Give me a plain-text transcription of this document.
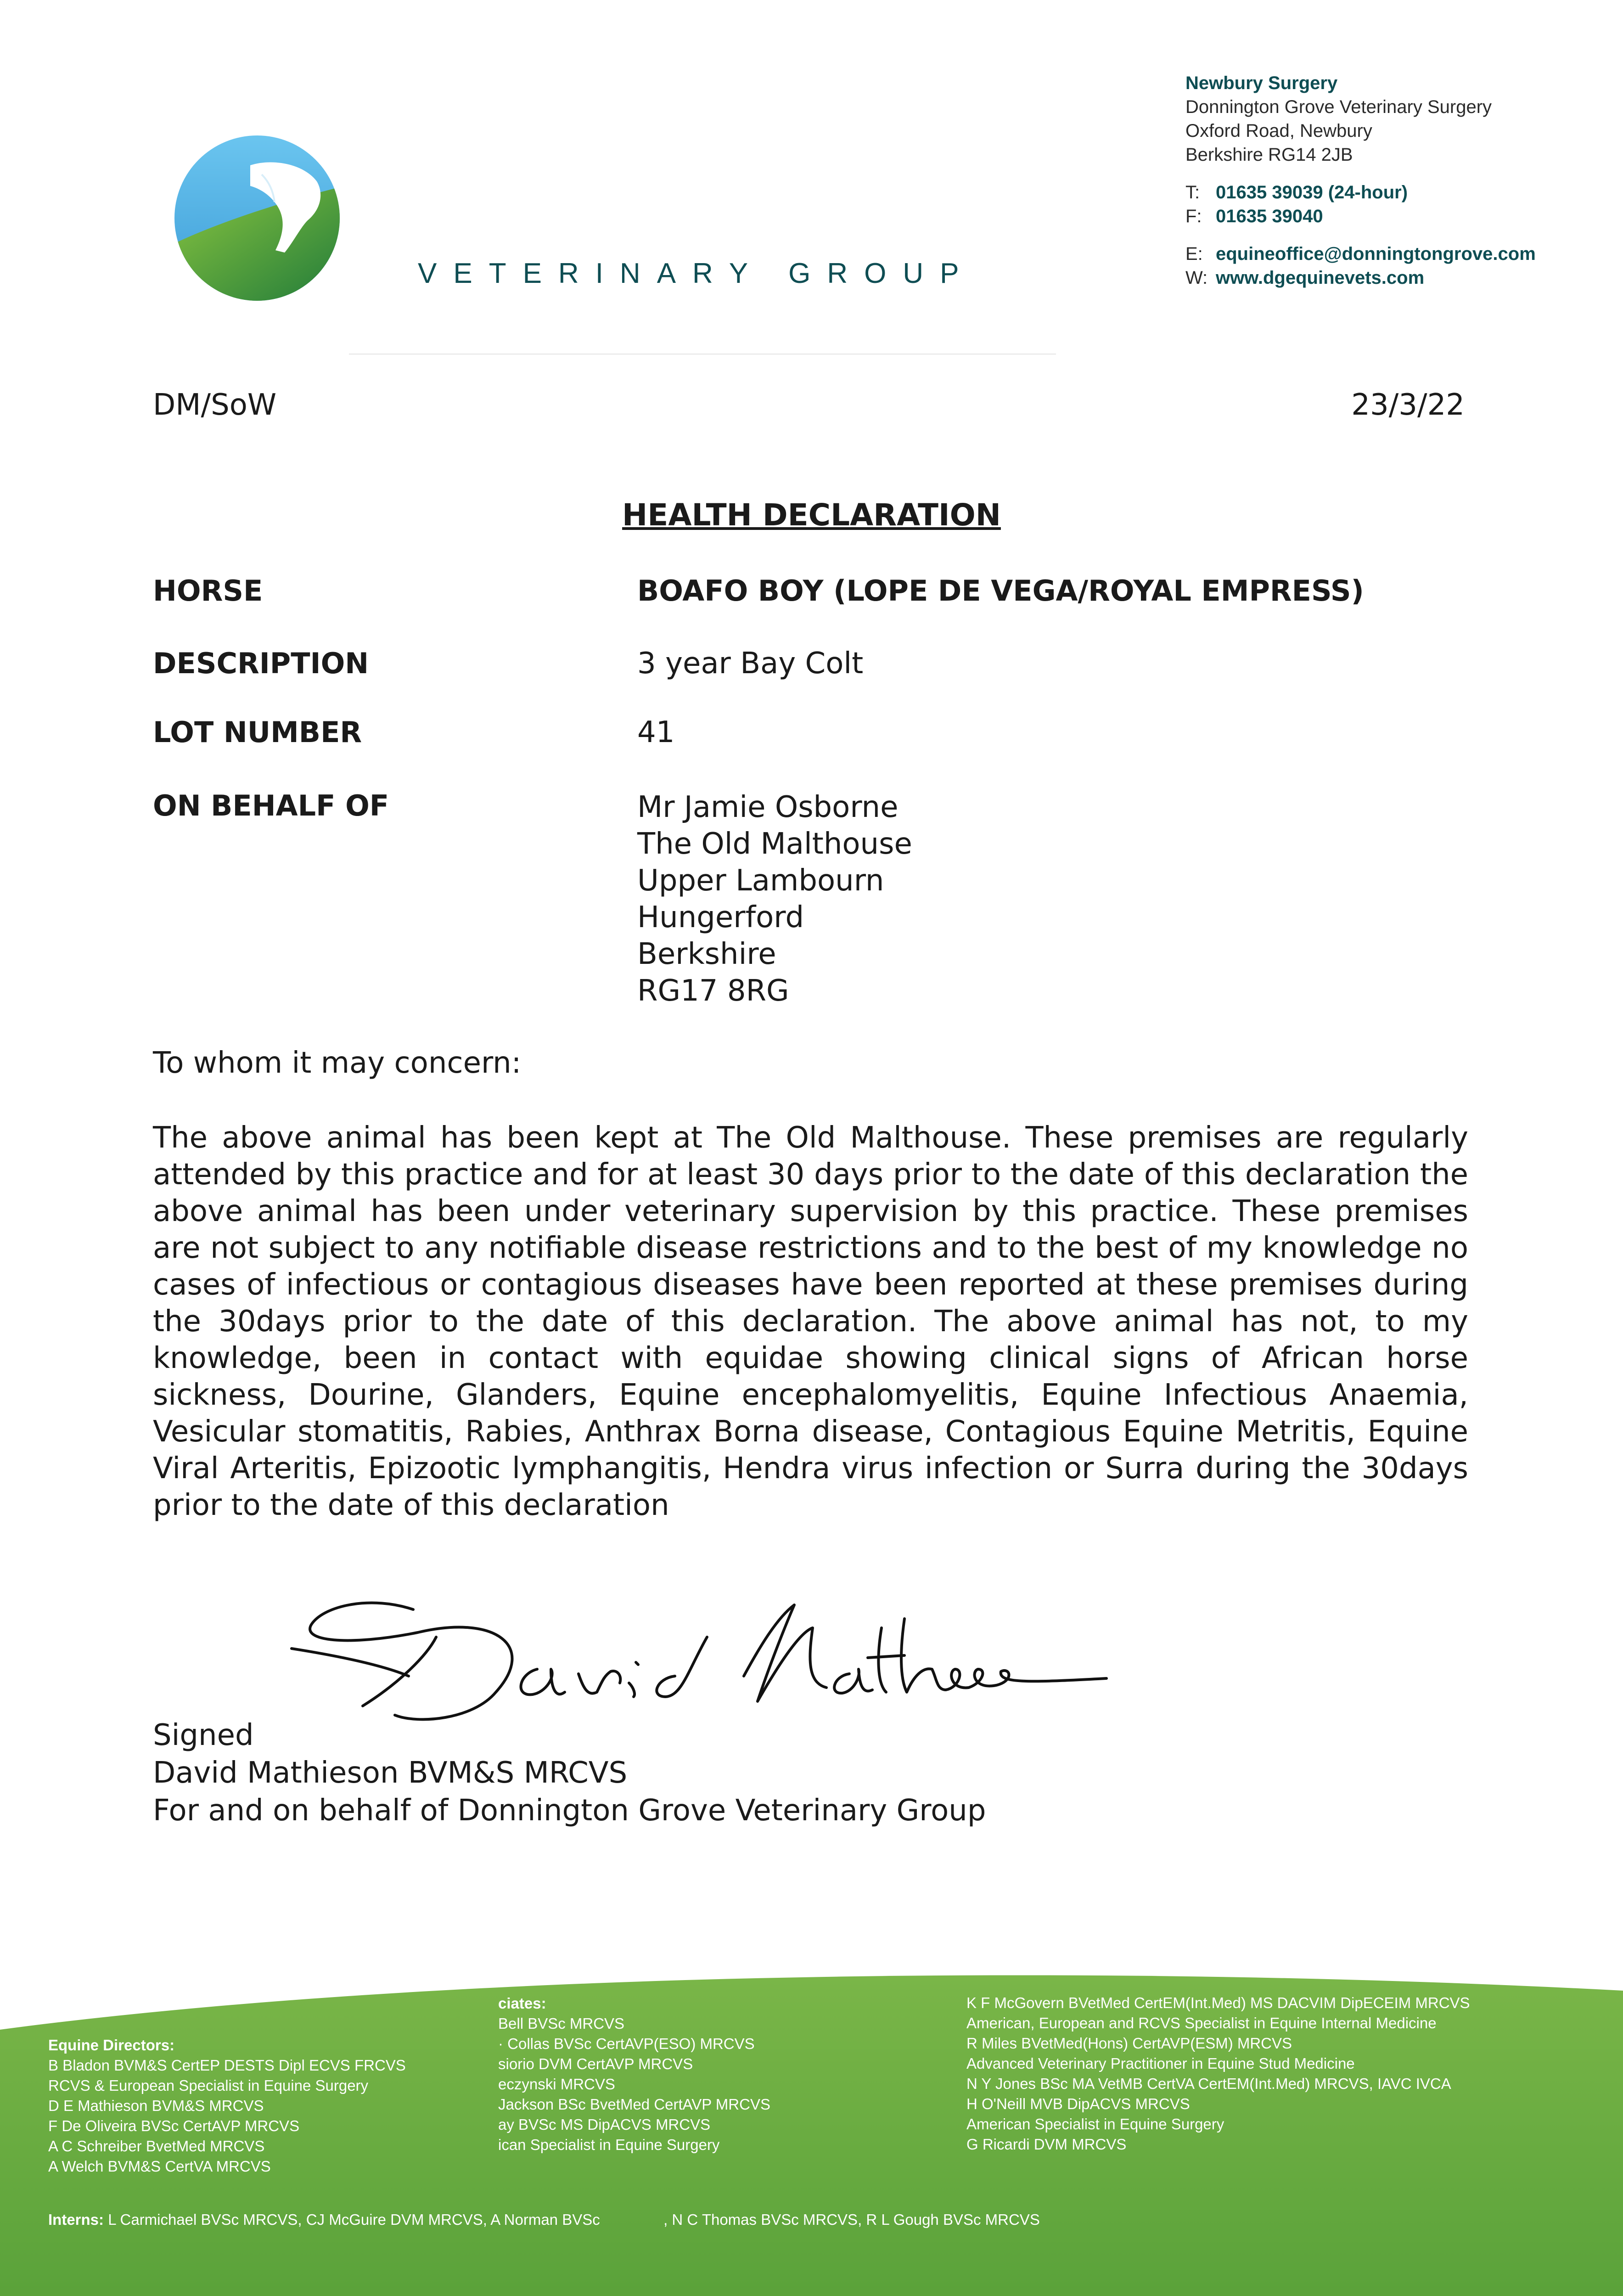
VETERINARY GROUP
Newbury Surgery
Donnington Grove Veterinary Surgery
Oxford Road, Newbury
Berkshire RG14 2JB
T: 01635 39039 (24-hour)
F: 01635 39040
E: equineoffice@donningtongrove.com
W: www.dgequinevets.com
DM/SoW	23/3/22
HEALTH DECLARATION
HORSE	BOAFO BOY (LOPE DE VEGA/ROYAL EMPRESS)
DESCRIPTION	3 year Bay Colt
LOT NUMBER	41
ON BEHALF OF	Mr Jamie Osborne
The Old Malthouse
Upper Lambourn
Hungerford
Berkshire
RG17 8RG
To whom it may concern:
The above animal has been kept at The Old Malthouse. These premises are regularly attended by this practice and for at least 30 days prior to the date of this declaration the above animal has been under veterinary supervision by this practice. These premises are not subject to any notifiable disease restrictions and to the best of my knowledge no cases of infectious or contagious diseases have been reported at these premises during the 30days prior to the date of this declaration. The above animal has not, to my knowledge, been in contact with equidae showing clinical signs of African horse sickness, Dourine, Glanders, Equine encephalomyelitis, Equine Infectious Anaemia, Vesicular stomatitis, Rabies, Anthrax Borna disease, Contagious Equine Metritis, Equine Viral Arteritis, Epizootic lymphangitis, Hendra virus infection or Surra during the 30days prior to the date of this declaration
Signed
David Mathieson BVM&S MRCVS
For and on behalf of Donnington Grove Veterinary Group
Equine Directors:
B Bladon BVM&S CertEP DESTS Dipl ECVS FRCVS
RCVS & European Specialist in Equine Surgery
D E Mathieson BVM&S MRCVS
F De Oliveira BVSc CertAVP MRCVS
A C Schreiber BvetMed MRCVS
A Welch BVM&S CertVA MRCVS
ciates:
Bell BVSc MRCVS
· Collas BVSc CertAVP(ESO) MRCVS
siorio DVM CertAVP MRCVS
eczynski MRCVS
Jackson BSc BvetMed CertAVP MRCVS
ay BVSc MS DipACVS MRCVS
ican Specialist in Equine Surgery
K F McGovern BVetMed CertEM(Int.Med) MS DACVIM DipECEIM MRCVS
American, European and RCVS Specialist in Equine Internal Medicine
R Miles BVetMed(Hons) CertAVP(ESM) MRCVS
Advanced Veterinary Practitioner in Equine Stud Medicine
N Y Jones BSc MA VetMB CertVA CertEM(Int.Med) MRCVS, IAVC IVCA
H O'Neill MVB DipACVS MRCVS
American Specialist in Equine Surgery
G Ricardi DVM MRCVS
Interns: L Carmichael BVSc MRCVS, CJ McGuire DVM MRCVS, A Norman BVSc	, N C Thomas BVSc MRCVS, R L Gough BVSc MRCVS
